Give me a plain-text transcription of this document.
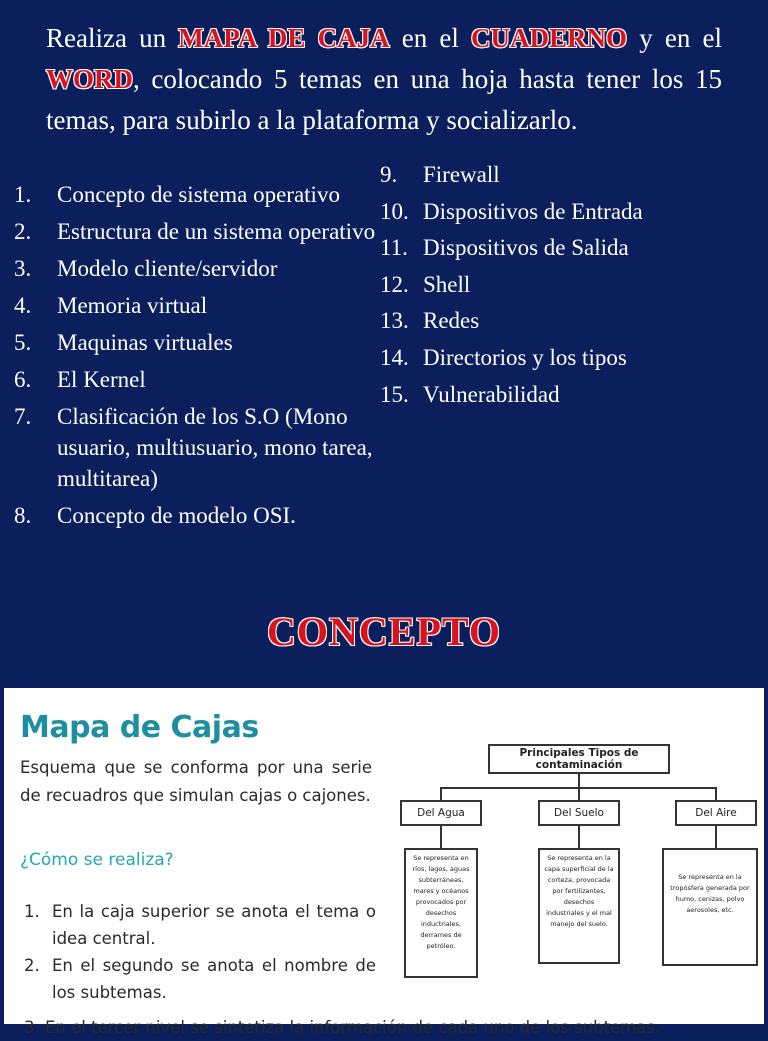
Realiza un MAPA DE CAJA en el CUADERNO y en el WORD, colocando 5 temas en una hoja hasta tener los 15 temas, para subirlo a la plataforma y socializarlo.
1. Concepto de sistema operativo
2. Estructura de un sistema operativo
3. Modelo cliente/servidor
4. Memoria virtual
5. Maquinas virtuales
6. El Kernel
7. Clasificación de los S.O (Mono usuario, multiusuario, mono tarea, multitarea)
8. Concepto de modelo OSI.
9. Firewall
10. Dispositivos de Entrada
11. Dispositivos de Salida
12. Shell
13. Redes
14. Directorios y los tipos
15. Vulnerabilidad
CONCEPTO
Mapa de Cajas
Esquema que se conforma por una serie de recuadros que simulan cajas o cajones.
¿Cómo se realiza?
1. En la caja superior se anota el tema o idea central.
2. En el segundo se anota el nombre de los subtemas.
3. En el tercer nivel se sintetiza la información de cada uno de los subtemas.
Principales Tipos de contaminación
Del Agua	Del Suelo	Del Aire
Se representa en ríos, lagos, aguas subterráneas, mares y océanos provocados por desechos inductriales, derrames de petróleo.
Se representa en la capa superficial de la corteza, provocada por fertilizantes, desechos industriales y el mal manejo del suelo.
Se representa en la tropósfera generada por humo, cenizas, polvo aerosoles, etc.
